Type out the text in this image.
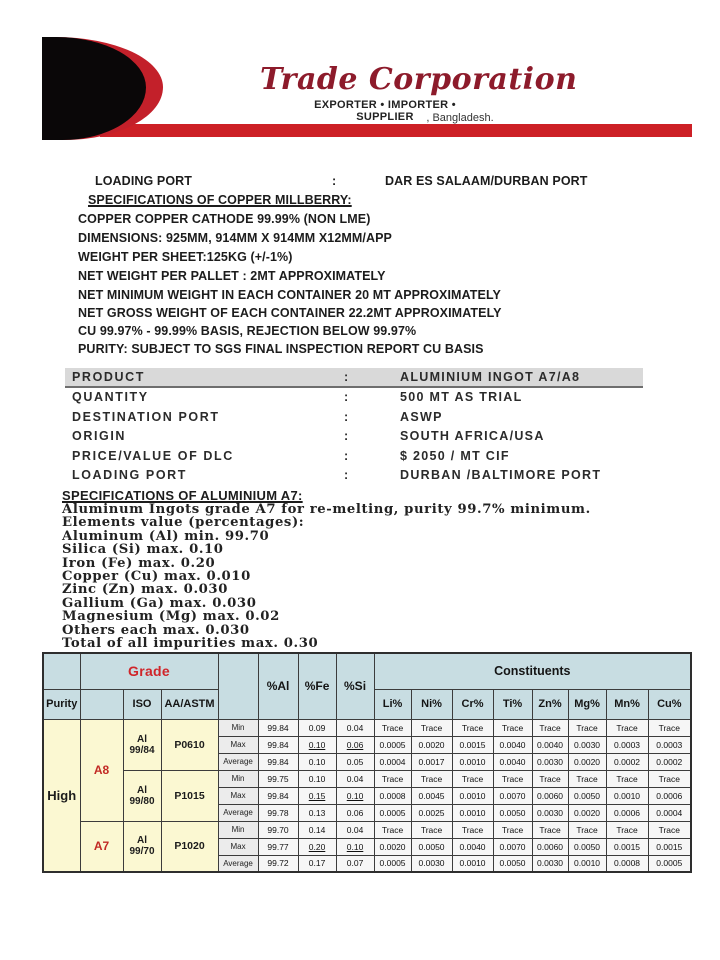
Trade Corporation
EXPORTER • IMPORTER • SUPPLIER	, Bangladesh.
LOADING PORT	:	DAR ES SALAAM/DURBAN PORT
SPECIFICATIONS OF COPPER MILLBERRY:
COPPER COPPER CATHODE 99.99% (NON LME)
DIMENSIONS: 925MM, 914MM X 914MM X12MM/APP
WEIGHT PER SHEET:125KG (+/-1%)
NET WEIGHT PER PALLET : 2MT APPROXIMATELY
NET MINIMUM WEIGHT IN EACH CONTAINER 20 MT APPROXIMATELY
NET GROSS WEIGHT OF EACH CONTAINER 22.2MT APPROXIMATELY
CU 99.97% - 99.99% BASIS, REJECTION BELOW 99.97%
PURITY: SUBJECT TO SGS FINAL INSPECTION REPORT CU BASIS
PRODUCT	:	ALUMINIUM INGOT A7/A8
QUANTITY	:	500 MT AS TRIAL
DESTINATION PORT	:	ASWP
ORIGIN	:	SOUTH AFRICA/USA
PRICE/VALUE OF DLC	:	$ 2050 / MT CIF
LOADING PORT	:	DURBAN /BALTIMORE PORT
SPECIFICATIONS OF ALUMINIUM A7:
Aluminum Ingots grade A7 for re-melting, purity 99.7% minimum.
Elements value (percentages):
Aluminum (Al) min. 99.70
Silica (Si) max. 0.10
Iron (Fe) max. 0.20
Copper (Cu) max. 0.010
Zinc (Zn) max. 0.030
Gallium (Ga) max. 0.030
Magnesium (Mg) max. 0.02
Others each max. 0.030
Total of all impurities max. 0.30
	Grade				%Al	%Fe	%Si	Constituents							
Purity		ISO	AA/ASTM					Li%	Ni%	Cr%	Ti%	Zn%	Mg%	Mn%	Cu%
High	A8	Al 99/84	P0610	Min	99.84	0.09	0.04	Trace	Trace	Trace	Trace	Trace	Trace	Trace	Trace
				Max	99.84	0.10	0.06	0.0005	0.0020	0.0015	0.0040	0.0040	0.0030	0.0003	0.0003
				Average	99.84	0.10	0.05	0.0004	0.0017	0.0010	0.0040	0.0030	0.0020	0.0002	0.0002
		Al 99/80	P1015	Min	99.75	0.10	0.04	Trace	Trace	Trace	Trace	Trace	Trace	Trace	Trace
				Max	99.84	0.15	0.10	0.0008	0.0045	0.0010	0.0070	0.0060	0.0050	0.0010	0.0006
				Average	99.78	0.13	0.06	0.0005	0.0025	0.0010	0.0050	0.0030	0.0020	0.0006	0.0004
	A7	Al 99/70	P1020	Min	99.70	0.14	0.04	Trace	Trace	Trace	Trace	Trace	Trace	Trace	Trace
				Max	99.77	0.20	0.10	0.0020	0.0050	0.0040	0.0070	0.0060	0.0050	0.0015	0.0015
				Average	99.72	0.17	0.07	0.0005	0.0030	0.0010	0.0050	0.0030	0.0010	0.0008	0.0005
